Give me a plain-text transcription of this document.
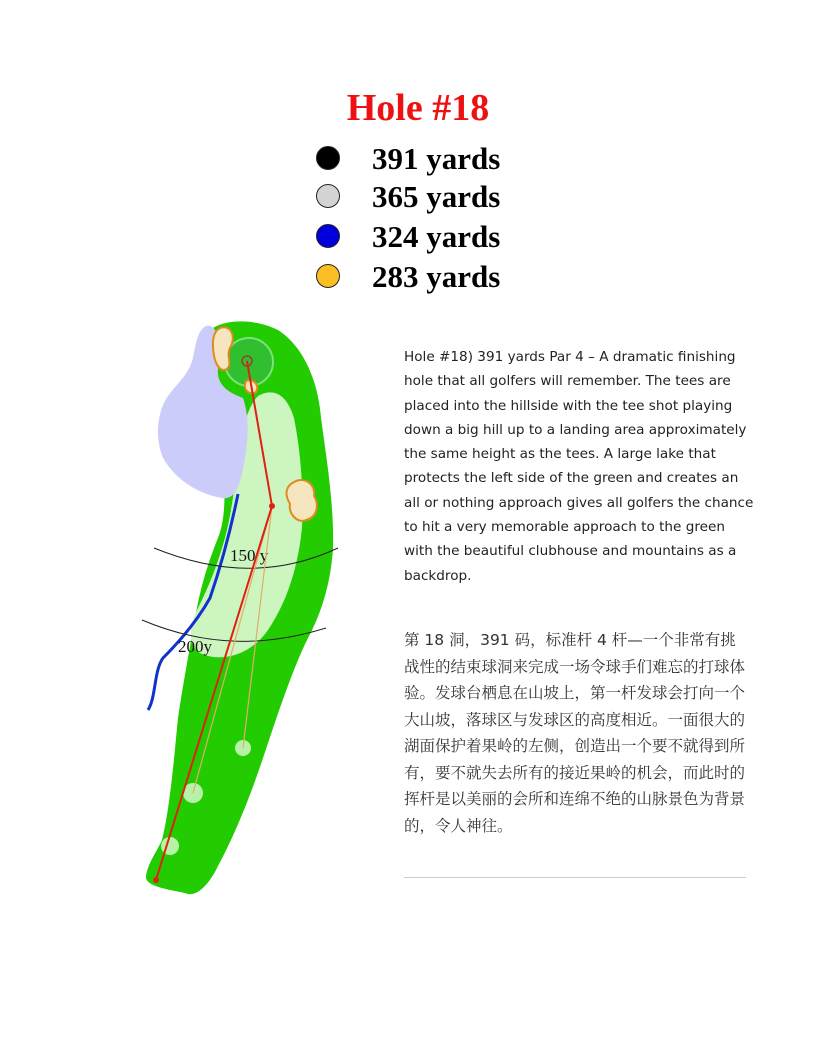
Hole #18
391 yards
365 yards
324 yards
283 yards
150 y
200y
Hole #18) 391 yards Par 4 – A dramatic finishing hole that all golfers will remember. The tees are placed into the hillside with the tee shot playing down a big hill up to a landing area approximately the same height as the tees. A large lake that protects the left side of the green and creates an all or nothing approach gives all golfers the chance to hit a very memorable approach to the green with the beautiful clubhouse and mountains as a backdrop.
第 18 洞，391 码，标准杆 4 杆—一个非常有挑战性的结束球洞来完成一场令球手们难忘的打球体验。发球台栖息在山坡上，第一杆发球会打向一个大山坡，落球区与发球区的高度相近。一面很大的湖面保护着果岭的左侧，创造出一个要不就得到所有，要不就失去所有的接近果岭的机会，而此时的挥杆是以美丽的会所和连绵不绝的山脉景色为背景的，令人神往。
